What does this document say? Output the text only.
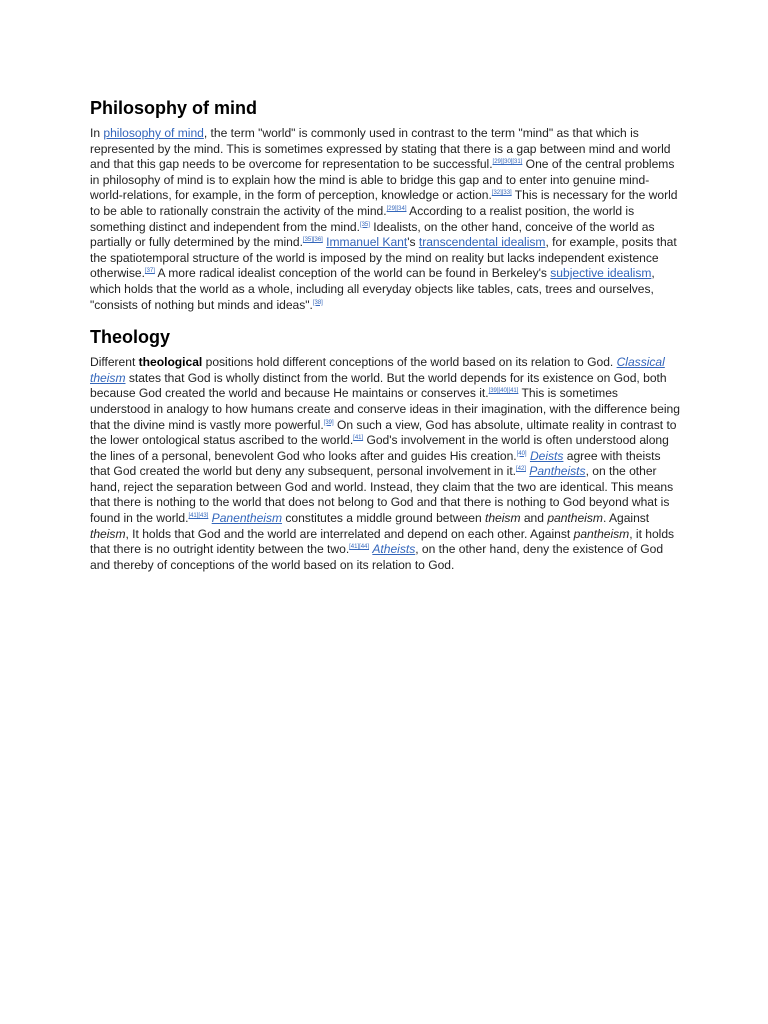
Philosophy of mind

In philosophy of mind, the term "world" is commonly used in contrast to the term "mind" as that which is represented by the mind. This is sometimes expressed by stating that there is a gap between mind and world and that this gap needs to be overcome for representation to be successful.[29][30][31] One of the central problems in philosophy of mind is to explain how the mind is able to bridge this gap and to enter into genuine mind-world-relations, for example, in the form of perception, knowledge or action.[32][33] This is necessary for the world to be able to rationally constrain the activity of the mind.[29][34] According to a realist position, the world is something distinct and independent from the mind.[35] Idealists, on the other hand, conceive of the world as partially or fully determined by the mind.[35][36] Immanuel Kant's transcendental idealism, for example, posits that the spatiotemporal structure of the world is imposed by the mind on reality but lacks independent existence otherwise.[37] A more radical idealist conception of the world can be found in Berkeley's subjective idealism, which holds that the world as a whole, including all everyday objects like tables, cats, trees and ourselves, "consists of nothing but minds and ideas".[38]

Theology

Different theological positions hold different conceptions of the world based on its relation to God. Classical theism states that God is wholly distinct from the world. But the world depends for its existence on God, both because God created the world and because He maintains or conserves it.[39][40][41] This is sometimes understood in analogy to how humans create and conserve ideas in their imagination, with the difference being that the divine mind is vastly more powerful.[39] On such a view, God has absolute, ultimate reality in contrast to the lower ontological status ascribed to the world.[41] God's involvement in the world is often understood along the lines of a personal, benevolent God who looks after and guides His creation.[40] Deists agree with theists that God created the world but deny any subsequent, personal involvement in it.[42] Pantheists, on the other hand, reject the separation between God and world. Instead, they claim that the two are identical. This means that there is nothing to the world that does not belong to God and that there is nothing to God beyond what is found in the world.[41][43] Panentheism constitutes a middle ground between theism and pantheism. Against theism, It holds that God and the world are interrelated and depend on each other. Against pantheism, it holds that there is no outright identity between the two.[41][44] Atheists, on the other hand, deny the existence of God and thereby of conceptions of the world based on its relation to God.
